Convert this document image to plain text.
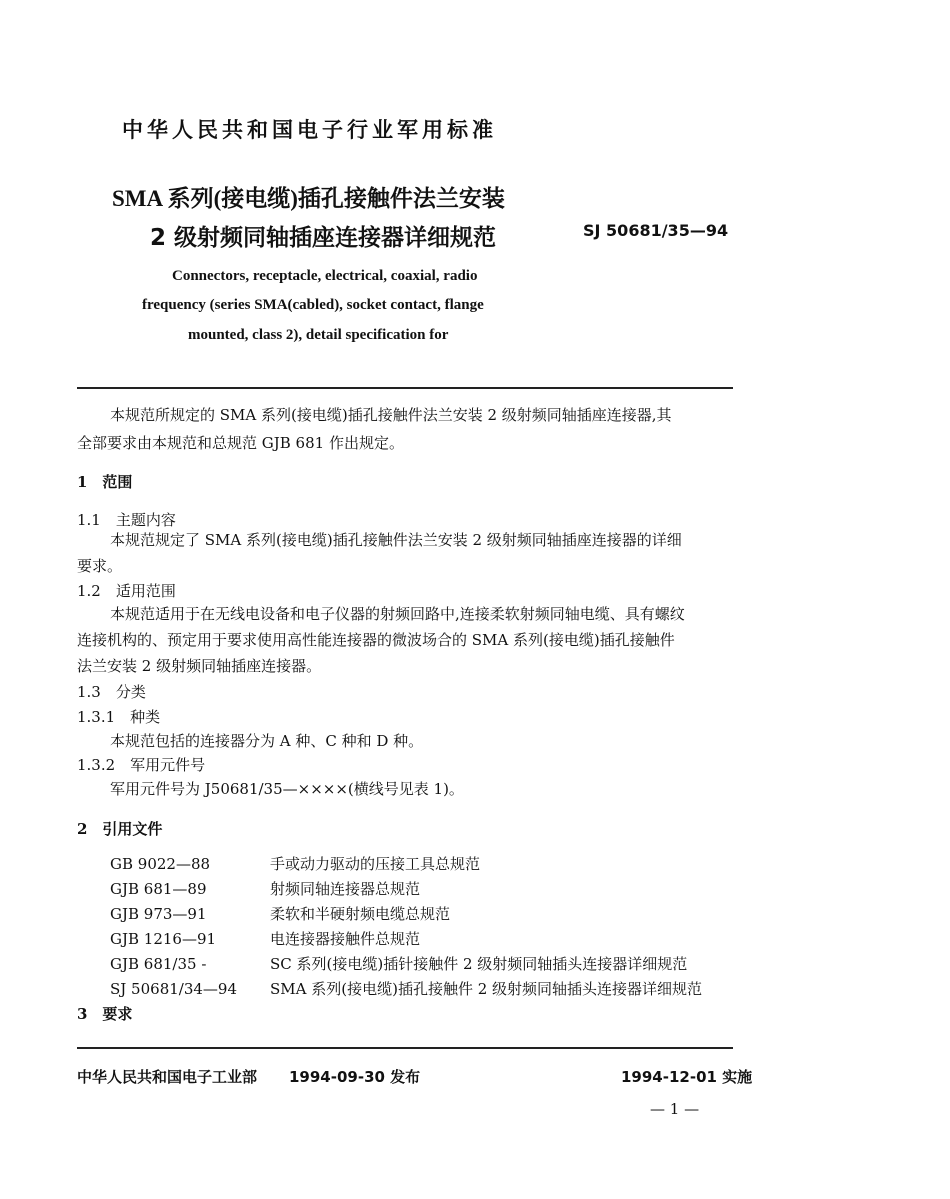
中华人民共和国电子行业军用标准
SMA 系列(接电缆)插孔接触件法兰安装
2 级射频同轴插座连接器详细规范	SJ 50681/35—94
Connectors, receptacle, electrical, coaxial, radio
frequency (series SMA(cabled), socket contact, flange
mounted, class 2), detail specification for
本规范所规定的 SMA 系列(接电缆)插孔接触件法兰安装 2 级射频同轴插座连接器,其
全部要求由本规范和总规范 GJB 681 作出规定。
1　范围
1.1　主题内容
本规范规定了 SMA 系列(接电缆)插孔接触件法兰安装 2 级射频同轴插座连接器的详细
要求。
1.2　适用范围
本规范适用于在无线电设备和电子仪器的射频回路中,连接柔软射频同轴电缆、具有螺纹
连接机构的、预定用于要求使用高性能连接器的微波场合的 SMA 系列(接电缆)插孔接触件
法兰安装 2 级射频同轴插座连接器。
1.3　分类
1.3.1　种类
本规范包括的连接器分为 A 种、C 种和 D 种。
1.3.2　军用元件号
军用元件号为 J50681/35—××××(横线号见表 1)。
2　引用文件
GB 9022—88	手或动力驱动的压接工具总规范
GJB 681—89	射频同轴连接器总规范
GJB 973—91	柔软和半硬射频电缆总规范
GJB 1216—91	电连接器接触件总规范
GJB 681/35 -	SC 系列(接电缆)插针接触件 2 级射频同轴插头连接器详细规范
SJ 50681/34—94 SMA 系列(接电缆)插孔接触件 2 级射频同轴插头连接器详细规范
3　要求
中华人民共和国电子工业部 1994-09-30 发布	1994-12-01 实施
— 1 —
